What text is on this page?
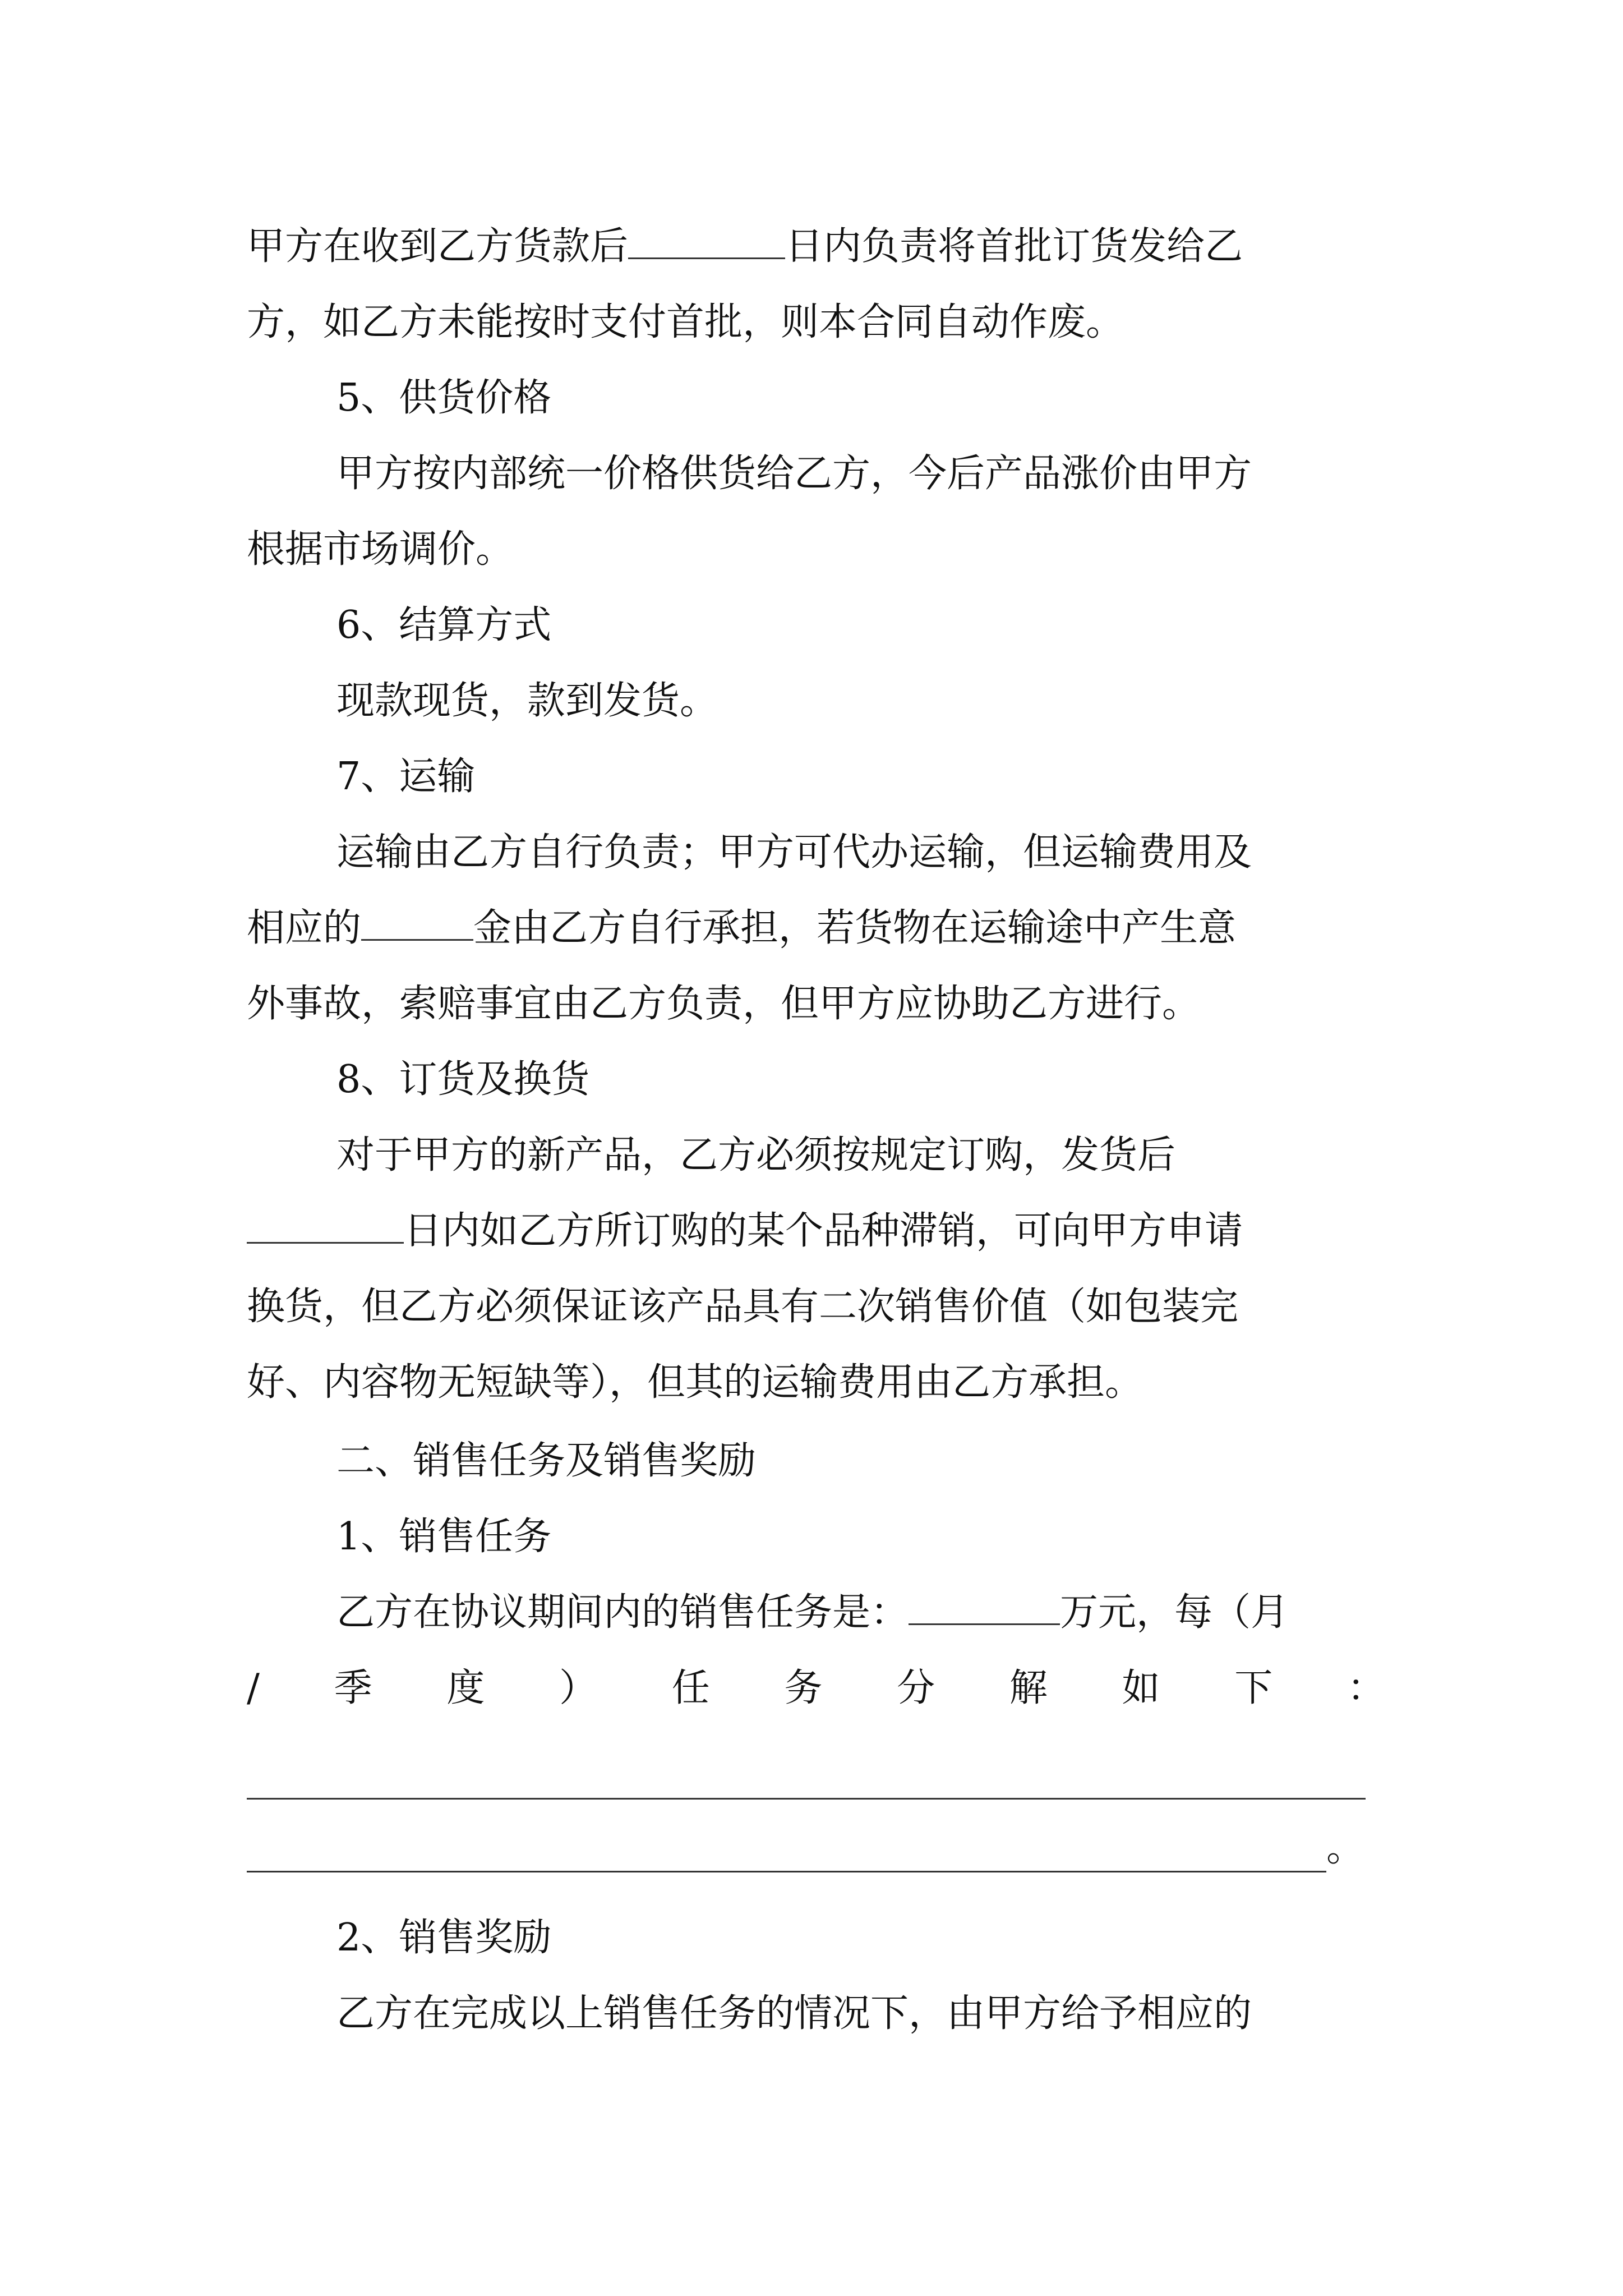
甲方在收到乙方货款后	日内负责将首批订货发给乙
方，如乙方未能按时支付首批，则本合同自动作废。
5、供货价格
甲方按内部统一价格供货给乙方，今后产品涨价由甲方
根据市场调价。
6、结算方式
现款现货，款到发货。
7、运输
运输由乙方自行负责；甲方可代办运输，但运输费用及
相应的	金由乙方自行承担，若货物在运输途中产生意
外事故，索赔事宜由乙方负责，但甲方应协助乙方进行。
8、订货及换货
对于甲方的新产品，乙方必须按规定订购，发货后
日内如乙方所订购的某个品种滞销，可向甲方申请
换货，但乙方必须保证该产品具有二次销售价值（如包装完
好、内容物无短缺等），但其的运输费用由乙方承担。
二、销售任务及销售奖励
1、销售任务
乙方在协议期间内的销售任务是：	万元，每（月
/ 季 度 ） 任 务 分 解 如 下 ：
。
2、销售奖励
乙方在完成以上销售任务的情况下，由甲方给予相应的
